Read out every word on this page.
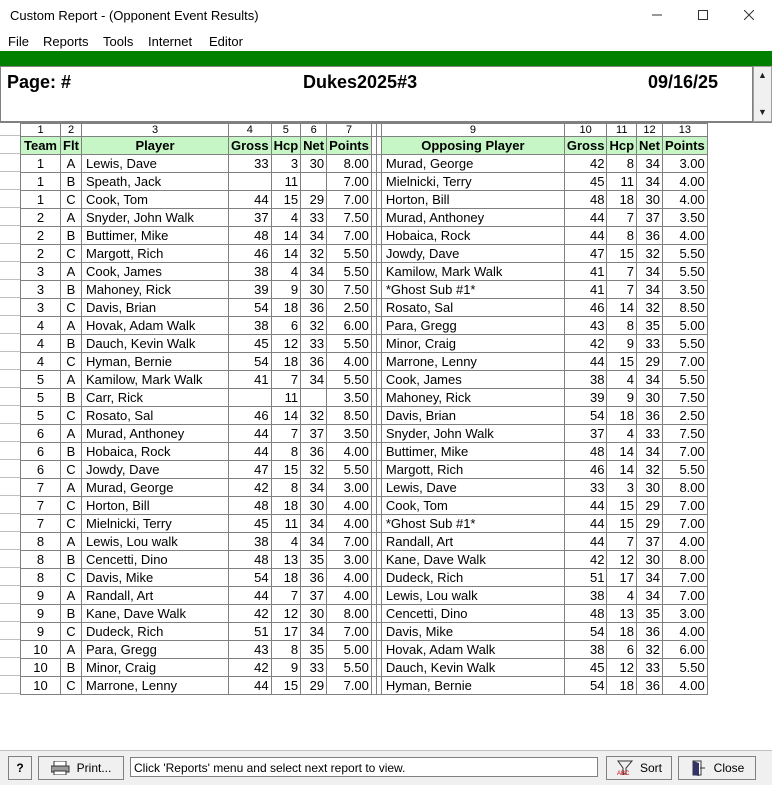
Custom Report - (Opponent Event Results)
File Reports Tools Internet Editor
Page: #	Dukes2025#3	09/16/25	▲
▼
1	2	3	4	5	6	7			9	10	11	12	13
Team	Flt	Player	Gross	Hcp	Net	Points			Opposing Player	Gross	Hcp	Net	Points
1	A	Lewis, Dave	33	3	30	8.00			Murad, George	42	8	34	3.00
1	B	Speath, Jack		11		7.00			Mielnicki, Terry	45	11	34	4.00
1	C	Cook, Tom	44	15	29	7.00			Horton, Bill	48	18	30	4.00
2	A	Snyder, John Walk	37	4	33	7.50			Murad, Anthoney	44	7	37	3.50
2	B	Buttimer, Mike	48	14	34	7.00			Hobaica, Rock	44	8	36	4.00
2	C	Margott, Rich	46	14	32	5.50			Jowdy, Dave	47	15	32	5.50
3	A	Cook, James	38	4	34	5.50			Kamilow, Mark Walk	41	7	34	5.50
3	B	Mahoney, Rick	39	9	30	7.50			*Ghost Sub #1*	41	7	34	3.50
3	C	Davis, Brian	54	18	36	2.50			Rosato, Sal	46	14	32	8.50
4	A	Hovak, Adam Walk	38	6	32	6.00			Para, Gregg	43	8	35	5.00
4	B	Dauch, Kevin Walk	45	12	33	5.50			Minor, Craig	42	9	33	5.50
4	C	Hyman, Bernie	54	18	36	4.00			Marrone, Lenny	44	15	29	7.00
5	A	Kamilow, Mark Walk	41	7	34	5.50			Cook, James	38	4	34	5.50
5	B	Carr, Rick		11		3.50			Mahoney, Rick	39	9	30	7.50
5	C	Rosato, Sal	46	14	32	8.50			Davis, Brian	54	18	36	2.50
6	A	Murad, Anthoney	44	7	37	3.50			Snyder, John Walk	37	4	33	7.50
6	B	Hobaica, Rock	44	8	36	4.00			Buttimer, Mike	48	14	34	7.00
6	C	Jowdy, Dave	47	15	32	5.50			Margott, Rich	46	14	32	5.50
7	A	Murad, George	42	8	34	3.00			Lewis, Dave	33	3	30	8.00
7	C	Horton, Bill	48	18	30	4.00			Cook, Tom	44	15	29	7.00
7	C	Mielnicki, Terry	45	11	34	4.00			*Ghost Sub #1*	44	15	29	7.00
8	A	Lewis, Lou walk	38	4	34	7.00			Randall, Art	44	7	37	4.00
8	B	Cencetti, Dino	48	13	35	3.00			Kane, Dave Walk	42	12	30	8.00
8	C	Davis, Mike	54	18	36	4.00			Dudeck, Rich	51	17	34	7.00
9	A	Randall, Art	44	7	37	4.00			Lewis, Lou walk	38	4	34	7.00
9	B	Kane, Dave Walk	42	12	30	8.00			Cencetti, Dino	48	13	35	3.00
9	C	Dudeck, Rich	51	17	34	7.00			Davis, Mike	54	18	36	4.00
10	A	Para, Gregg	43	8	35	5.00			Hovak, Adam Walk	38	6	32	6.00
10	B	Minor, Craig	42	9	33	5.50			Dauch, Kevin Walk	45	12	33	5.50
10	C	Marrone, Lenny	44	15	29	7.00			Hyman, Bernie	54	18	36	4.00
?	Print...	Click 'Reports' menu and select next report to view.	ABC Sort	Close
